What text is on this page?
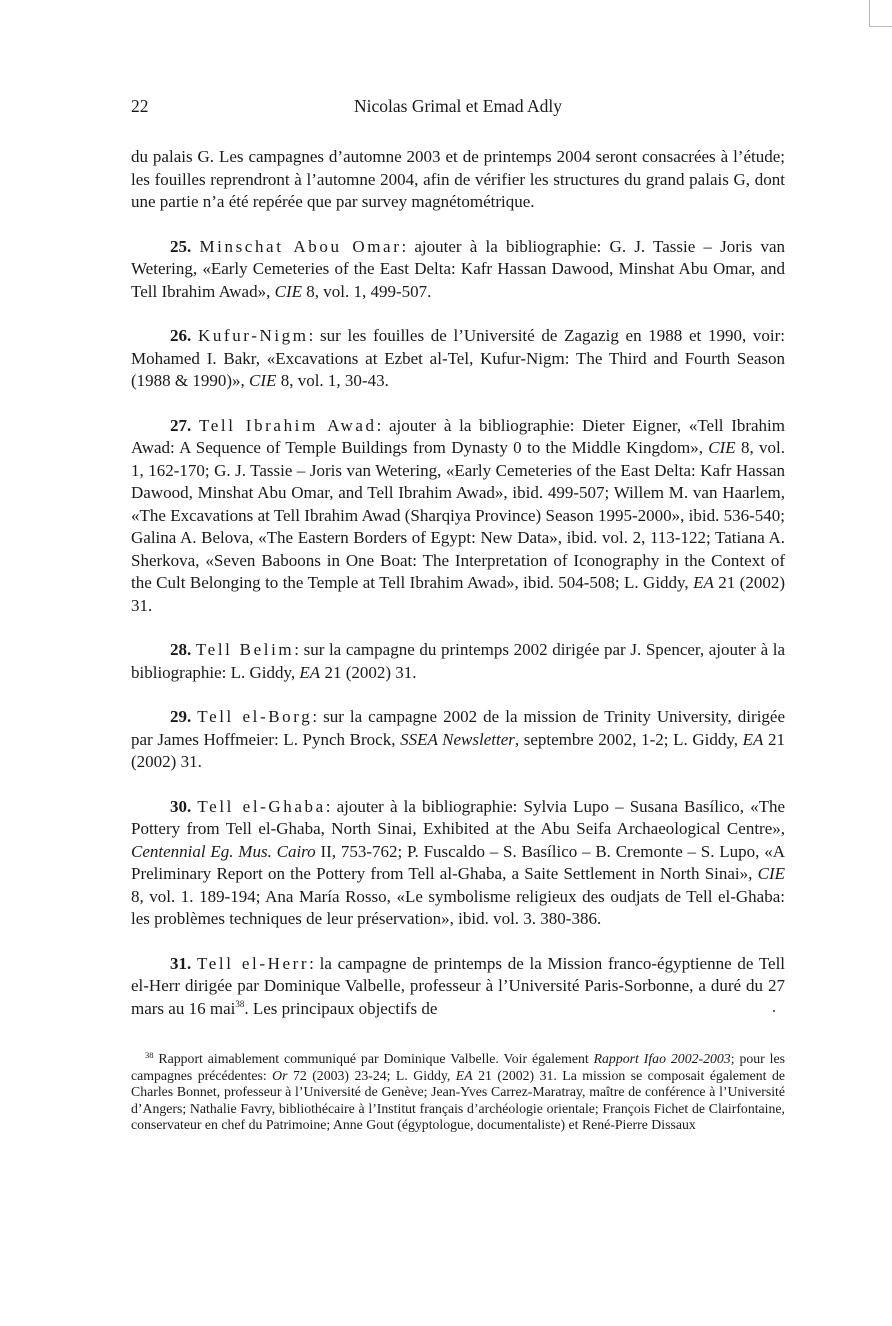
22	Nicolas Grimal et Emad Adly

du palais G. Les campagnes d’automne 2003 et de printemps 2004 seront consacrées à l’étude; les fouilles reprendront à l’automne 2004, afin de vérifier les structures du grand palais G, dont une partie n’a été repérée que par survey magnétométrique.

25. Minschat Abou Omar: ajouter à la bibliographie: G. J. Tassie – Joris van Wetering, «Early Cemeteries of the East Delta: Kafr Hassan Dawood, Minshat Abu Omar, and Tell Ibrahim Awad», CIE 8, vol. 1, 499-507.

26. Kufur-Nigm: sur les fouilles de l’Université de Zagazig en 1988 et 1990, voir: Mohamed I. Bakr, «Excavations at Ezbet al-Tel, Kufur-Nigm: The Third and Fourth Season (1988 & 1990)», CIE 8, vol. 1, 30-43.

27. Tell Ibrahim Awad: ajouter à la bibliographie: Dieter Eigner, «Tell Ibrahim Awad: A Sequence of Temple Buildings from Dynasty 0 to the Middle Kingdom», CIE 8, vol. 1, 162-170; G. J. Tassie – Joris van Wetering, «Early Cemeteries of the East Delta: Kafr Hassan Dawood, Minshat Abu Omar, and Tell Ibrahim Awad», ibid. 499-507; Willem M. van Haarlem, «The Excavations at Tell Ibrahim Awad (Sharqiya Province) Season 1995-2000», ibid. 536-540; Galina A. Belova, «The Eastern Borders of Egypt: New Data», ibid. vol. 2, 113-122; Tatiana A. Sherkova, «Seven Baboons in One Boat: The Interpretation of Iconography in the Context of the Cult Belonging to the Temple at Tell Ibrahim Awad», ibid. 504-508; L. Giddy, EA 21 (2002) 31.

28. Tell Belim: sur la campagne du printemps 2002 dirigée par J. Spencer, ajouter à la bibliographie: L. Giddy, EA 21 (2002) 31.

29. Tell el-Borg: sur la campagne 2002 de la mission de Trinity University, dirigée par James Hoffmeier: L. Pynch Brock, SSEA Newsletter, septembre 2002, 1-2; L. Giddy, EA 21 (2002) 31.

30. Tell el-Ghaba: ajouter à la bibliographie: Sylvia Lupo – Susana Basílico, «The Pottery from Tell el-Ghaba, North Sinai, Exhibited at the Abu Seifa Archaeological Centre», Centennial Eg. Mus. Cairo II, 753-762; P. Fuscaldo – S. Basílico – B. Cremonte – S. Lupo, «A Preliminary Report on the Pottery from Tell al-Ghaba, a Saite Settlement in North Sinai», CIE 8, vol. 1. 189-194; Ana María Rosso, «Le symbolisme religieux des oudjats de Tell el-Ghaba: les problèmes techniques de leur préservation», ibid. vol. 3. 380-386.

31. Tell el-Herr: la campagne de printemps de la Mission franco-égyptienne de Tell el-Herr dirigée par Dominique Valbelle, professeur à l’Université Paris-Sorbonne, a duré du 27 mars au 16 mai$^{38}$. Les principaux objectifs de

$^{38}$ Rapport aimablement communiqué par Dominique Valbelle. Voir également Rapport Ifao 2002-2003; pour les campagnes précédentes: Or 72 (2003) 23-24; L. Giddy, EA 21 (2002) 31. La mission se composait également de Charles Bonnet, professeur à l’Université de Genève; Jean-Yves Carrez-Maratray, maître de conférence à l’Université d’Angers; Nathalie Favry, bibliothécaire à l’Institut français d’archéologie orientale; François Fichet de Clairfontaine, conservateur en chef du Patrimoine; Anne Gout (égyptologue, documentaliste) et René-Pierre Dissaux
